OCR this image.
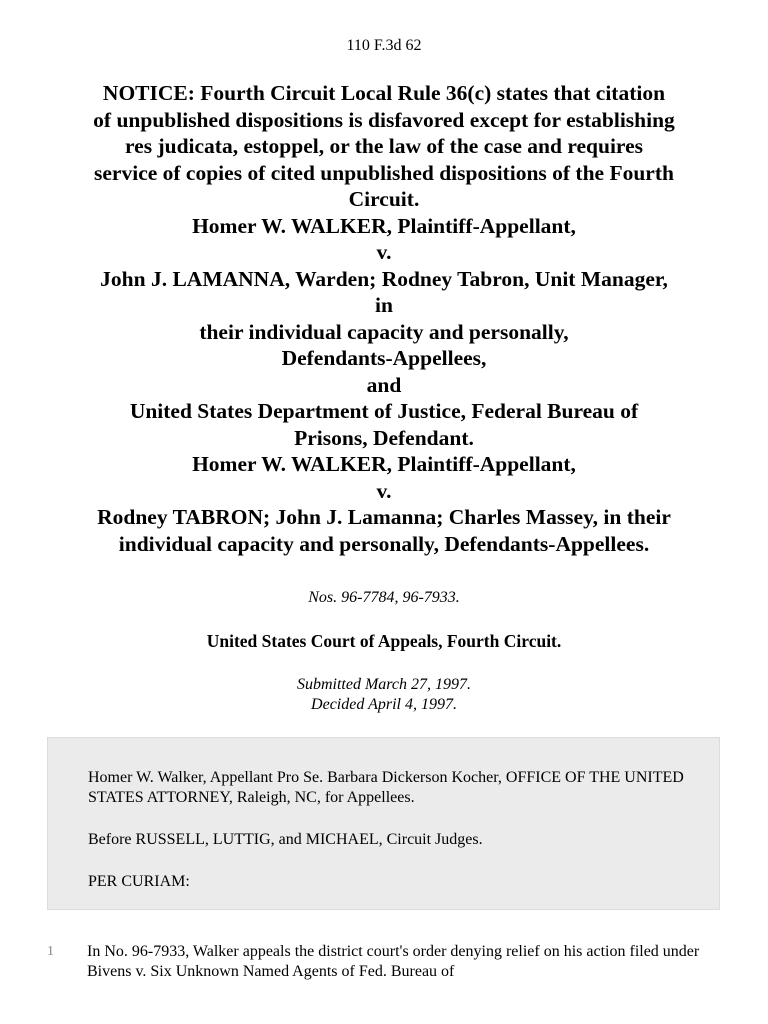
110 F.3d 62
NOTICE: Fourth Circuit Local Rule 36(c) states that citation
of unpublished dispositions is disfavored except for establishing
res judicata, estoppel, or the law of the case and requires
service of copies of cited unpublished dispositions of the Fourth
Circuit.
Homer W. WALKER, Plaintiff-Appellant,
v.
John J. LAMANNA, Warden; Rodney Tabron, Unit Manager,
in
their individual capacity and personally,
Defendants-Appellees,
and
United States Department of Justice, Federal Bureau of
Prisons, Defendant.
Homer W. WALKER, Plaintiff-Appellant,
v.
Rodney TABRON; John J. Lamanna; Charles Massey, in their
individual capacity and personally, Defendants-Appellees.
Nos. 96-7784, 96-7933.
United States Court of Appeals, Fourth Circuit.
Submitted March 27, 1997.
Decided April 4, 1997.

Homer W. Walker, Appellant Pro Se. Barbara Dickerson Kocher, OFFICE OF THE UNITED STATES ATTORNEY, Raleigh, NC, for Appellees.

Before RUSSELL, LUTTIG, and MICHAEL, Circuit Judges.

PER CURIAM:

1 In No. 96-7933, Walker appeals the district court's order denying relief on his action filed under Bivens v. Six Unknown Named Agents of Fed. Bureau of
